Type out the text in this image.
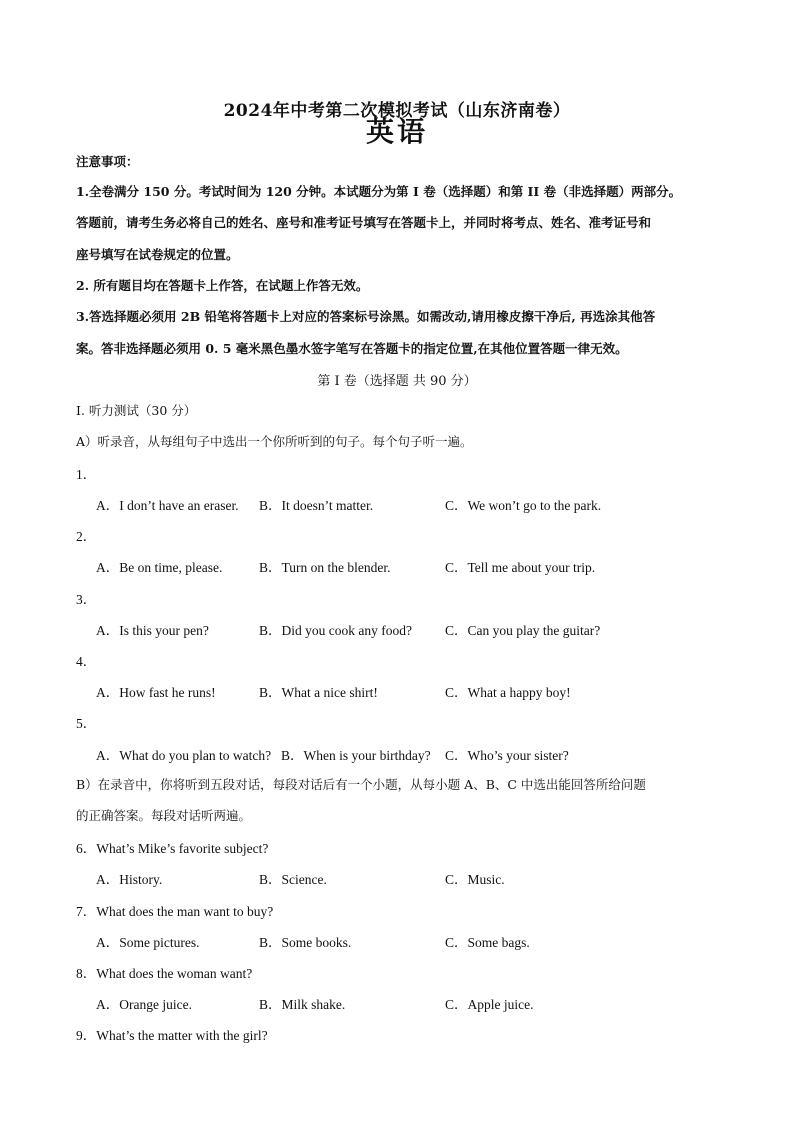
2024年中考第二次模拟考试（山东济南卷）
英语
注意事项：
1.全卷满分 150 分。考试时间为 120 分钟。本试题分为第 I 卷（选择题）和第 II 卷（非选择题）两部分。
答题前，请考生务必将自己的姓名、座号和准考证号填写在答题卡上，并同时将考点、姓名、准考证号和
座号填写在试卷规定的位置。
2. 所有题目均在答题卡上作答，在试题上作答无效。
3.答选择题必须用 2B 铅笔将答题卡上对应的答案标号涂黑。如需改动,请用橡皮擦干净后, 再选涂其他答
案。答非选择题必须用 0. 5 毫米黑色墨水签字笔写在答题卡的指定位置,在其他位置答题一律无效。
第 I 卷（选择题 共 90 分）
Ⅰ. 听力测试（30 分）
A）听录音，从每组句子中选出一个你所听到的句子。每个句子听一遍。
1．
A．I don’t have an eraser. B．It doesn’t matter.	C．We won’t go to the park.
2．
A．Be on time, please.	B．Turn on the blender.	C．Tell me about your trip.
3．
A．Is this your pen?	B．Did you cook any food? C．Can you play the guitar?
4．
A．How fast he runs!	B．What a nice shirt!	C．What a happy boy!
5．
A．What do you plan to watch? B．When is your birthday? C．Who’s your sister?
B）在录音中，你将听到五段对话，每段对话后有一个小题，从每小题 A、B、C 中选出能回答所给问题
的正确答案。每段对话听两遍。
6．What’s Mike’s favorite subject?
A．History.	B．Science.	C．Music.
7．What does the man want to buy?
A．Some pictures.	B．Some books.	C．Some bags.
8．What does the woman want?
A．Orange juice.	B．Milk shake.	C．Apple juice.
9．What’s the matter with the girl?
